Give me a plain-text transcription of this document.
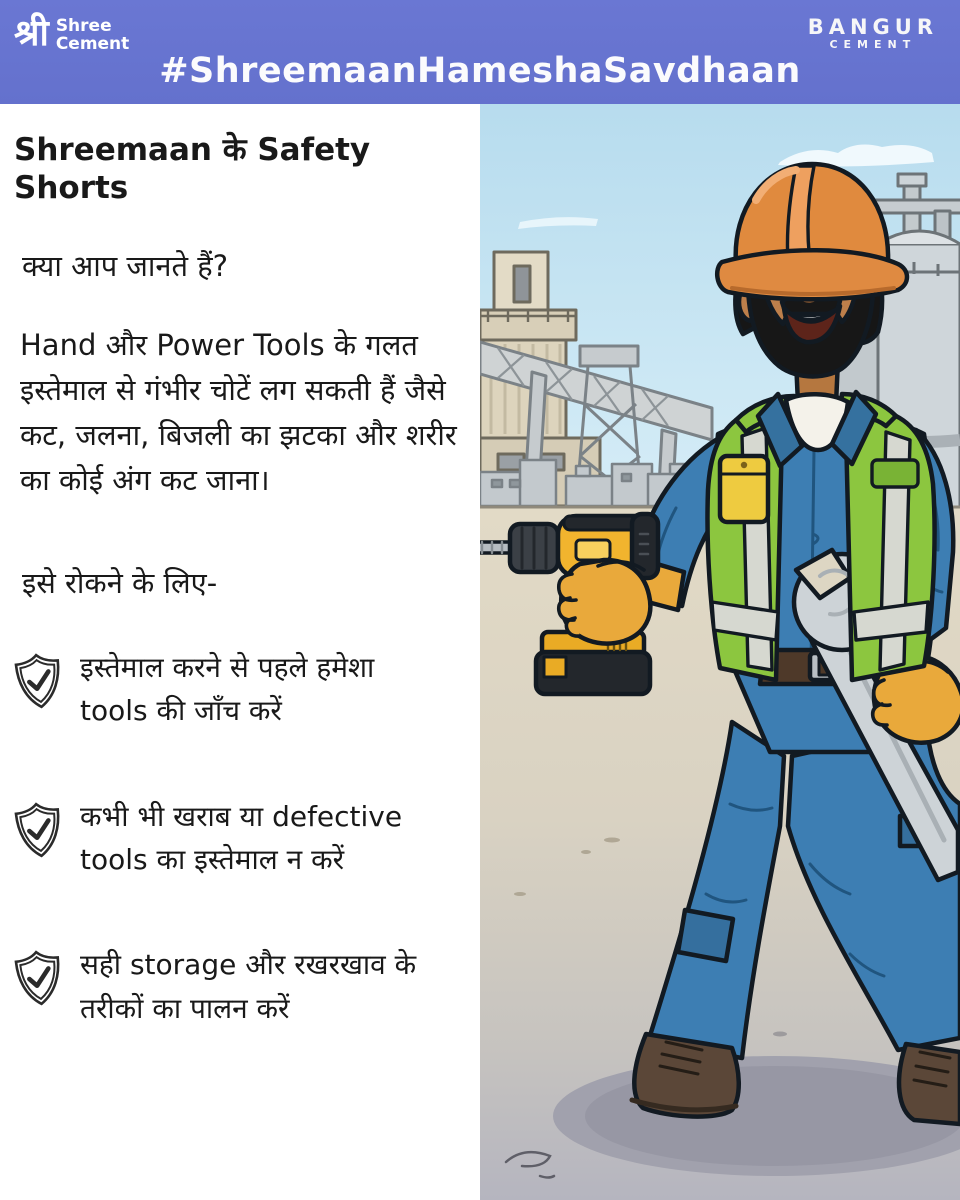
श्री Shree
Cement
#ShreemaanHameshaSavdhaan
BANGUR
CEMENT
Shreemaan के Safety Shorts
क्या आप जानते हैं?
Hand और Power Tools के गलत इस्तेमाल से गंभीर चोटें लग सकती हैं जैसे कट, जलना, बिजली का झटका और शरीर का कोई अंग कट जाना।
इसे रोकने के लिए-
इस्तेमाल करने से पहले हमेशा tools की जाँच करें
कभी भी खराब या defective tools का इस्तेमाल न करें
सही storage और रखरखाव के तरीकों का पालन करें
